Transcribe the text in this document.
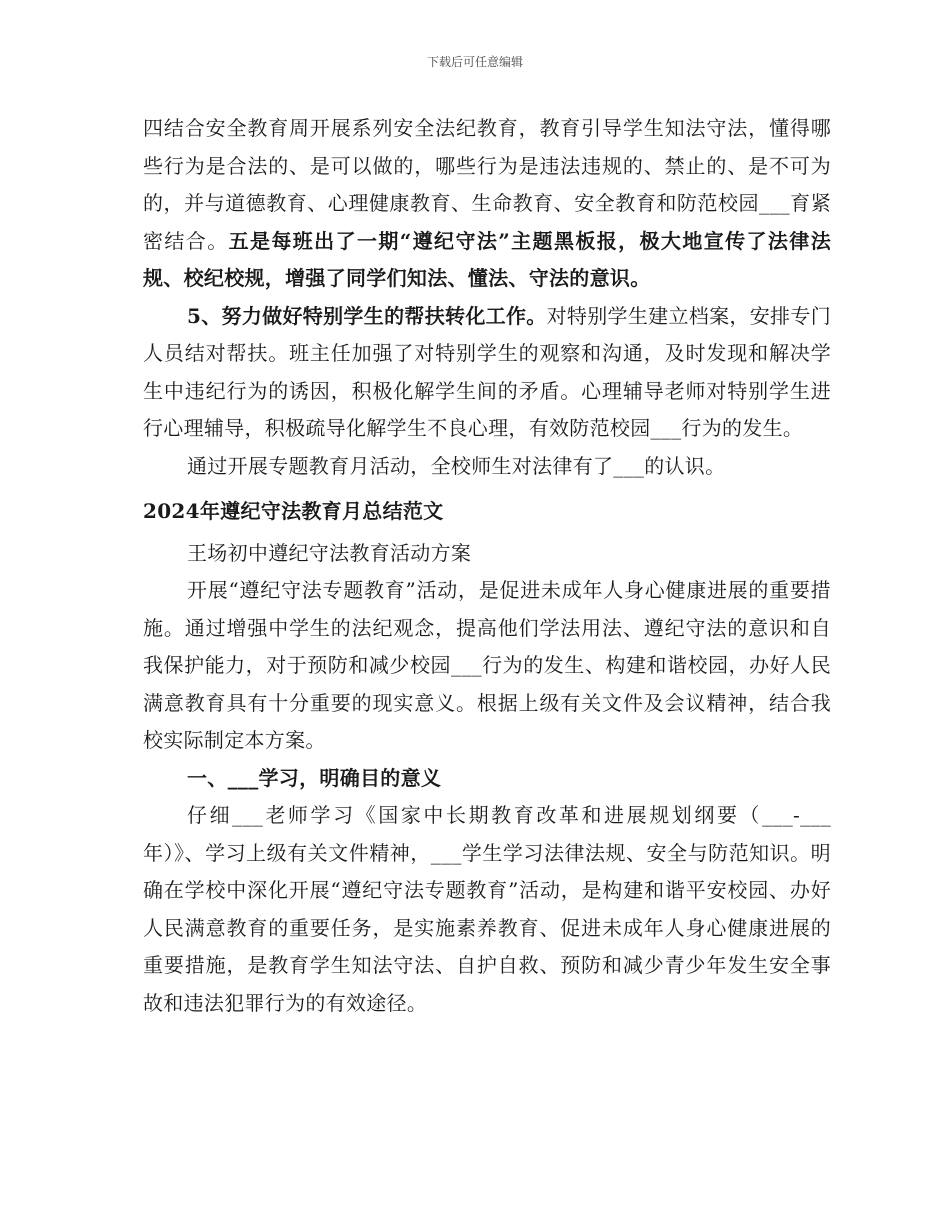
下载后可任意编辑

四结合安全教育周开展系列安全法纪教育，教育引导学生知法守法，懂得哪些行为是合法的、是可以做的，哪些行为是违法违规的、禁止的、是不可为的，并与道德教育、心理健康教育、生命教育、安全教育和防范校园___育紧密结合。五是每班出了一期“遵纪守法”主题黑板报，极大地宣传了法律法规、校纪校规，增强了同学们知法、懂法、守法的意识。

5、努力做好特别学生的帮扶转化工作。对特别学生建立档案，安排专门人员结对帮扶。班主任加强了对特别学生的观察和沟通，及时发现和解决学生中违纪行为的诱因，积极化解学生间的矛盾。心理辅导老师对特别学生进行心理辅导，积极疏导化解学生不良心理，有效防范校园___行为的发生。

通过开展专题教育月活动，全校师生对法律有了___的认识。

2024年遵纪守法教育月总结范文

王场初中遵纪守法教育活动方案

开展“遵纪守法专题教育”活动，是促进未成年人身心健康进展的重要措施。通过增强中学生的法纪观念，提高他们学法用法、遵纪守法的意识和自我保护能力，对于预防和减少校园___行为的发生、构建和谐校园，办好人民满意教育具有十分重要的现实意义。根据上级有关文件及会议精神，结合我校实际制定本方案。

一、___学习，明确目的意义

仔细___老师学习《国家中长期教育改革和进展规划纲要（___-___年）》、学习上级有关文件精神，___学生学习法律法规、安全与防范知识。明确在学校中深化开展“遵纪守法专题教育”活动，是构建和谐平安校园、办好人民满意教育的重要任务，是实施素养教育、促进未成年人身心健康进展的重要措施，是教育学生知法守法、自护自救、预防和减少青少年发生安全事故和违法犯罪行为的有效途径。
